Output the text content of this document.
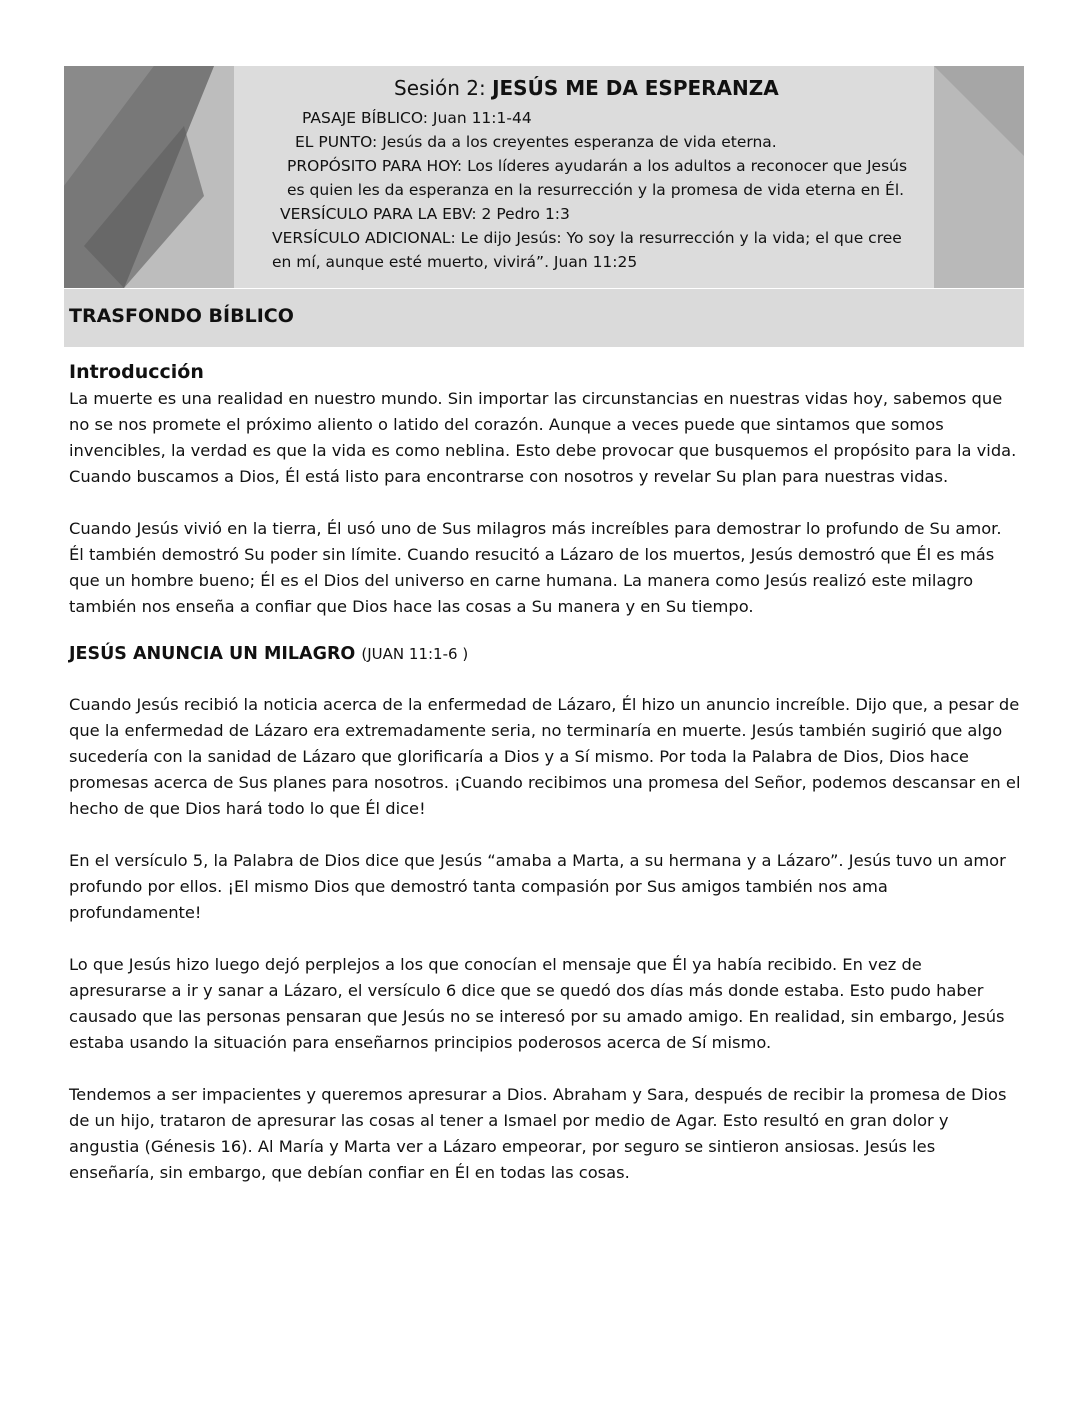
Sesión 2: JESÚS ME DA ESPERANZA
PASAJE BÍBLICO: Juan 11:1-44
EL PUNTO: Jesús da a los creyentes esperanza de vida eterna.
PROPÓSITO PARA HOY: Los líderes ayudarán a los adultos a reconocer que Jesús
es quien les da esperanza en la resurrección y la promesa de vida eterna en Él.
VERSÍCULO PARA LA EBV: 2 Pedro 1:3
VERSÍCULO ADICIONAL: Le dijo Jesús: Yo soy la resurrección y la vida; el que cree
en mí, aunque esté muerto, vivirá”. Juan 11:25
TRASFONDO BÍBLICO
Introducción

La muerte es una realidad en nuestro mundo. Sin importar las circunstancias en nuestras vidas hoy, sabemos que no se nos promete el próximo aliento o latido del corazón. Aunque a veces puede que sintamos que somos invencibles, la verdad es que la vida es como neblina. Esto debe provocar que busquemos el propósito para la vida. Cuando buscamos a Dios, Él está listo para encontrarse con nosotros y revelar Su plan para nuestras vidas.

Cuando Jesús vivió en la tierra, Él usó uno de Sus milagros más increíbles para demostrar lo profundo de Su amor. Él también demostró Su poder sin límite. Cuando resucitó a Lázaro de los muertos, Jesús demostró que Él es más que un hombre bueno; Él es el Dios del universo en carne humana. La manera como Jesús realizó este milagro también nos enseña a confiar que Dios hace las cosas a Su manera y en Su tiempo.

JESÚS ANUNCIA UN MILAGRO (JUAN 11:1-6 )

Cuando Jesús recibió la noticia acerca de la enfermedad de Lázaro, Él hizo un anuncio increíble. Dijo que, a pesar de que la enfermedad de Lázaro era extremadamente seria, no terminaría en muerte. Jesús también sugirió que algo sucedería con la sanidad de Lázaro que glorificaría a Dios y a Sí mismo. Por toda la Palabra de Dios, Dios hace promesas acerca de Sus planes para nosotros. ¡Cuando recibimos una promesa del Señor, podemos descansar en el hecho de que Dios hará todo lo que Él dice!

En el versículo 5, la Palabra de Dios dice que Jesús “amaba a Marta, a su hermana y a Lázaro”. Jesús tuvo un amor profundo por ellos. ¡El mismo Dios que demostró tanta compasión por Sus amigos también nos ama profundamente!

Lo que Jesús hizo luego dejó perplejos a los que conocían el mensaje que Él ya había recibido. En vez de apresurarse a ir y sanar a Lázaro, el versículo 6 dice que se quedó dos días más donde estaba. Esto pudo haber causado que las personas pensaran que Jesús no se interesó por su amado amigo. En realidad, sin embargo, Jesús estaba usando la situación para enseñarnos principios poderosos acerca de Sí mismo.

Tendemos a ser impacientes y queremos apresurar a Dios. Abraham y Sara, después de recibir la promesa de Dios de un hijo, trataron de apresurar las cosas al tener a Ismael por medio de Agar. Esto resultó en gran dolor y angustia (Génesis 16). Al María y Marta ver a Lázaro empeorar, por seguro se sintieron ansiosas. Jesús les enseñaría, sin embargo, que debían confiar en Él en todas las cosas.
